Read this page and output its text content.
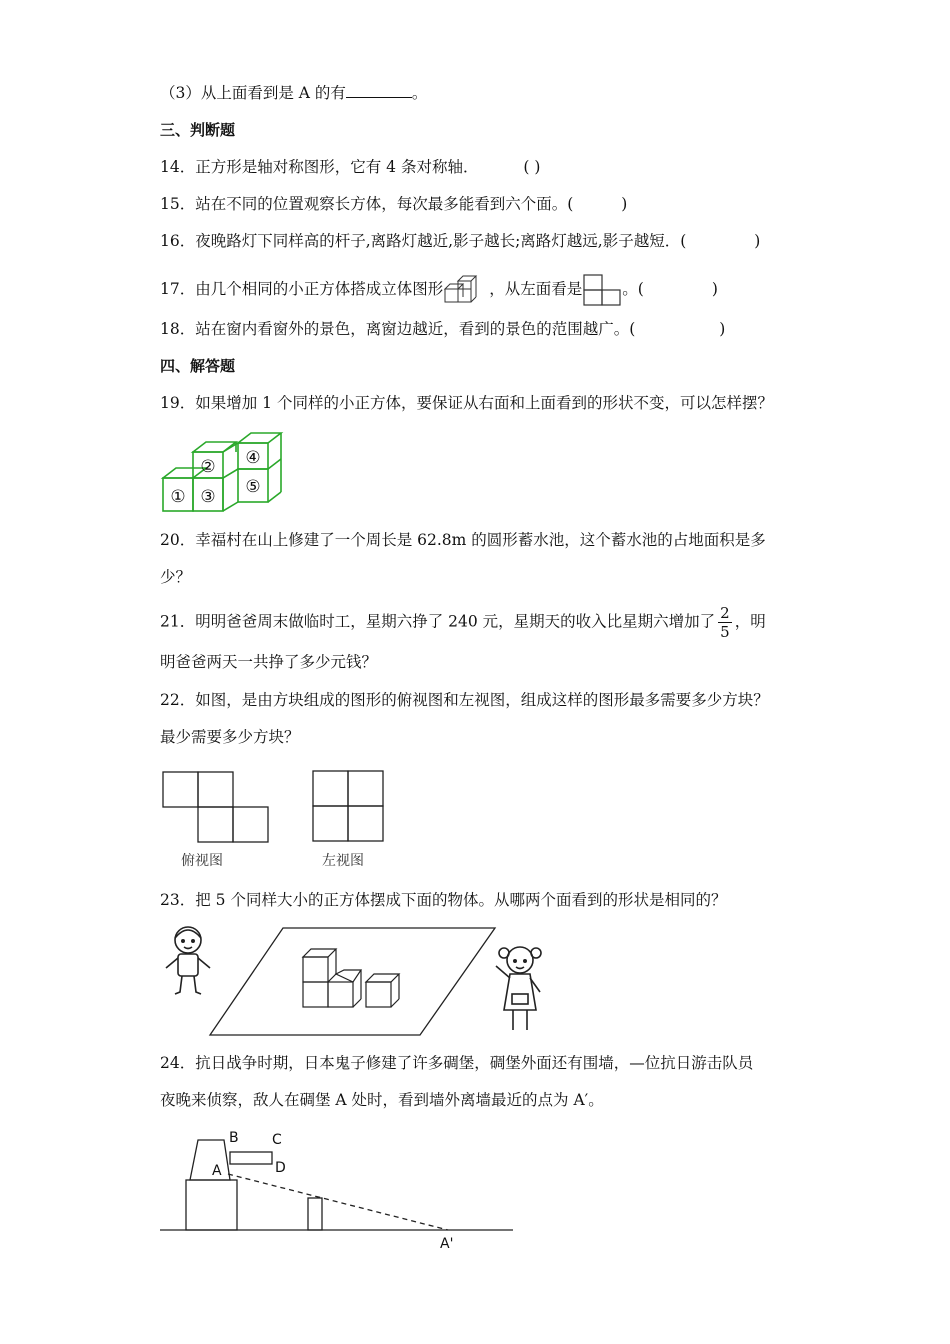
（3）从上面看到是 A 的有	。
三、判断题
14．正方形是轴对称图形，它有 4 条对称轴．	( )
15．站在不同的位置观察长方体，每次最多能看到六个面。(	)
16．夜晚路灯下同样高的杆子,离路灯越近,影子越长;离路灯越远,影子越短．(	)
17．由几个相同的小正方体搭成立体图形	，从左面看是	。(	)
18．站在窗内看窗外的景色，离窗边越近，看到的景色的范围越广。(	)
四、解答题
19．如果增加 1 个同样的小正方体，要保证从右面和上面看到的形状不变，可以怎样摆？
①
②
③
④
⑤
20．幸福村在山上修建了一个周长是 62.8m 的圆形蓄水池，这个蓄水池的占地面积是多
少？
21．明明爸爸周末做临时工，星期六挣了 240 元，星期天的收入比星期六增加了 $\frac{2}{5}$ ，明
明爸爸两天一共挣了多少元钱？
22．如图，是由方块组成的图形的俯视图和左视图，组成这样的图形最多需要多少方块？
最少需要多少方块？
俯视图	左视图
23．把 5 个同样大小的正方体摆成下面的物体。从哪两个面看到的形状是相同的？
24．抗日战争时期，日本鬼子修建了许多碉堡，碉堡外面还有围墙，—位抗日游击队员
夜晚来侦察，敌人在碉堡 A 处时，看到墙外离墙最近的点为 A′。
A
B C
D
A'
